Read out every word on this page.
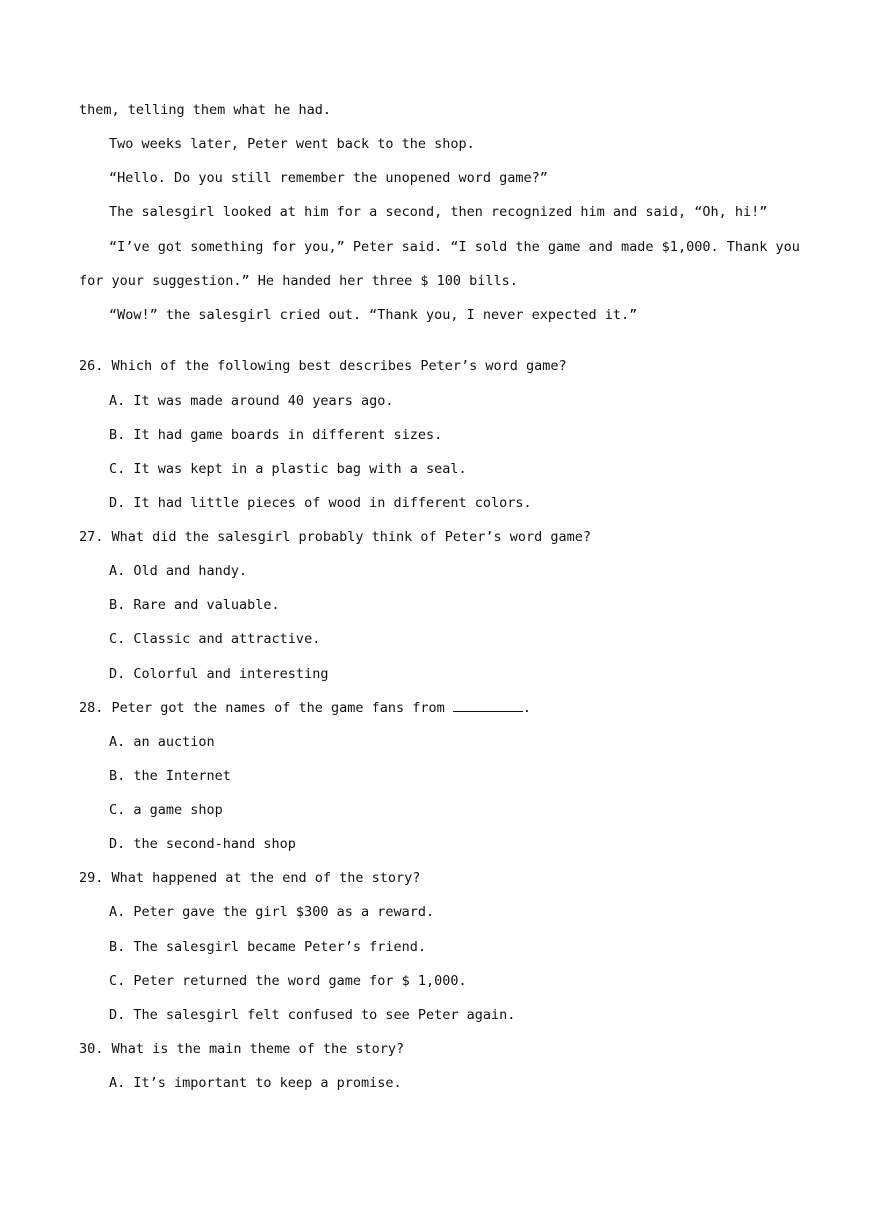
them, telling them what he had.
Two weeks later, Peter went back to the shop.
“Hello. Do you still remember the unopened word game?”
The salesgirl looked at him for a second, then recognized him and said, “Oh, hi!”
“I’ve got something for you,” Peter said. “I sold the game and made $1,000. Thank you
for your suggestion.” He handed her three $ 100 bills.
“Wow!” the salesgirl cried out. “Thank you, I never expected it.”
26. Which of the following best describes Peter’s word game?
A. It was made around 40 years ago.
B. It had game boards in different sizes.
C. It was kept in a plastic bag with a seal.
D. It had little pieces of wood in different colors.
27. What did the salesgirl probably think of Peter’s word game?
A. Old and handy.
B. Rare and valuable.
C. Classic and attractive.
D. Colorful and interesting
28. Peter got the names of the game fans from	.
A. an auction
B. the Internet
C. a game shop
D. the second-hand shop
29. What happened at the end of the story?
A. Peter gave the girl $300 as a reward.
B. The salesgirl became Peter’s friend.
C. Peter returned the word game for $ 1,000.
D. The salesgirl felt confused to see Peter again.
30. What is the main theme of the story?
A. It’s important to keep a promise.
